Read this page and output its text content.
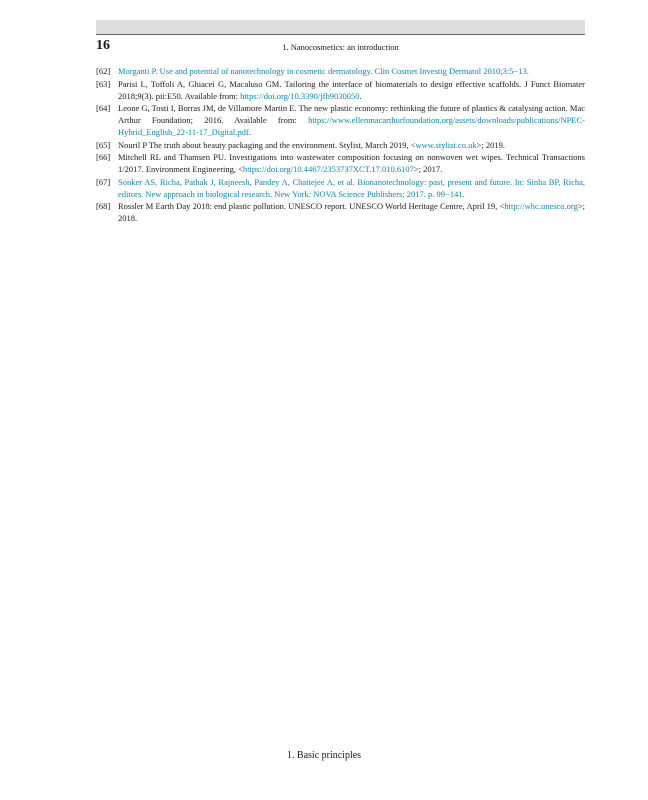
16	1. Nanocosmetics: an introduction
[62] Morganti P. Use and potential of nanotechnology in cosmetic dermatology. Clin Cosmet Investig Dermatol 2010;3:5−13.
[63] Parisi L, Toffoli A, Ghiacei G, Macaluso GM. Tailoring the interface of biomaterials to design effective scaffolds. J Funct Biomater 2018;9(3). pii:E50. Available from: https://doi.org/10.3390/jfb9030050.
[64] Leone G, Tosti I, Borras JM, de Villamore Martin E. The new plastic economy: rethinking the future of plastics & catalysing action. Mac Arthur Foundation; 2016. Available from: https://www.ellenmacarthurfoundation.org/assets/downloads/publications/NPEC-Hybrid_English_22-11-17_Digital.pdf.
[65] Nouril P The truth about beauty packaging and the environment. Stylist, March 2019, <www.stylist.co.uk>; 2019.
[66] Mitchell RL and Thamsen PU. Investigations into wastewater composition focusing on nonwoven wet wipes. Technical Transactions 1/2017. Environment Engineering, <https://doi.org/10.4467/2353737XCT.17.010.6107>; 2017.
[67] Sonker AS, Richa, Pathak J, Rajneesh, Pandey A, Chattejee A, et al. Bionanotechnology: past, present and future. In: Sinha BP, Richa, editors. New approach in biological research. New York: NOVA Science Publishers; 2017. p. 99−141.
[68] Rossler M Earth Day 2018: end plastic pollution. UNESCO report. UNESCO World Heritage Centre, April 19, <http://whc.unesco.org>; 2018.
1. Basic principles
